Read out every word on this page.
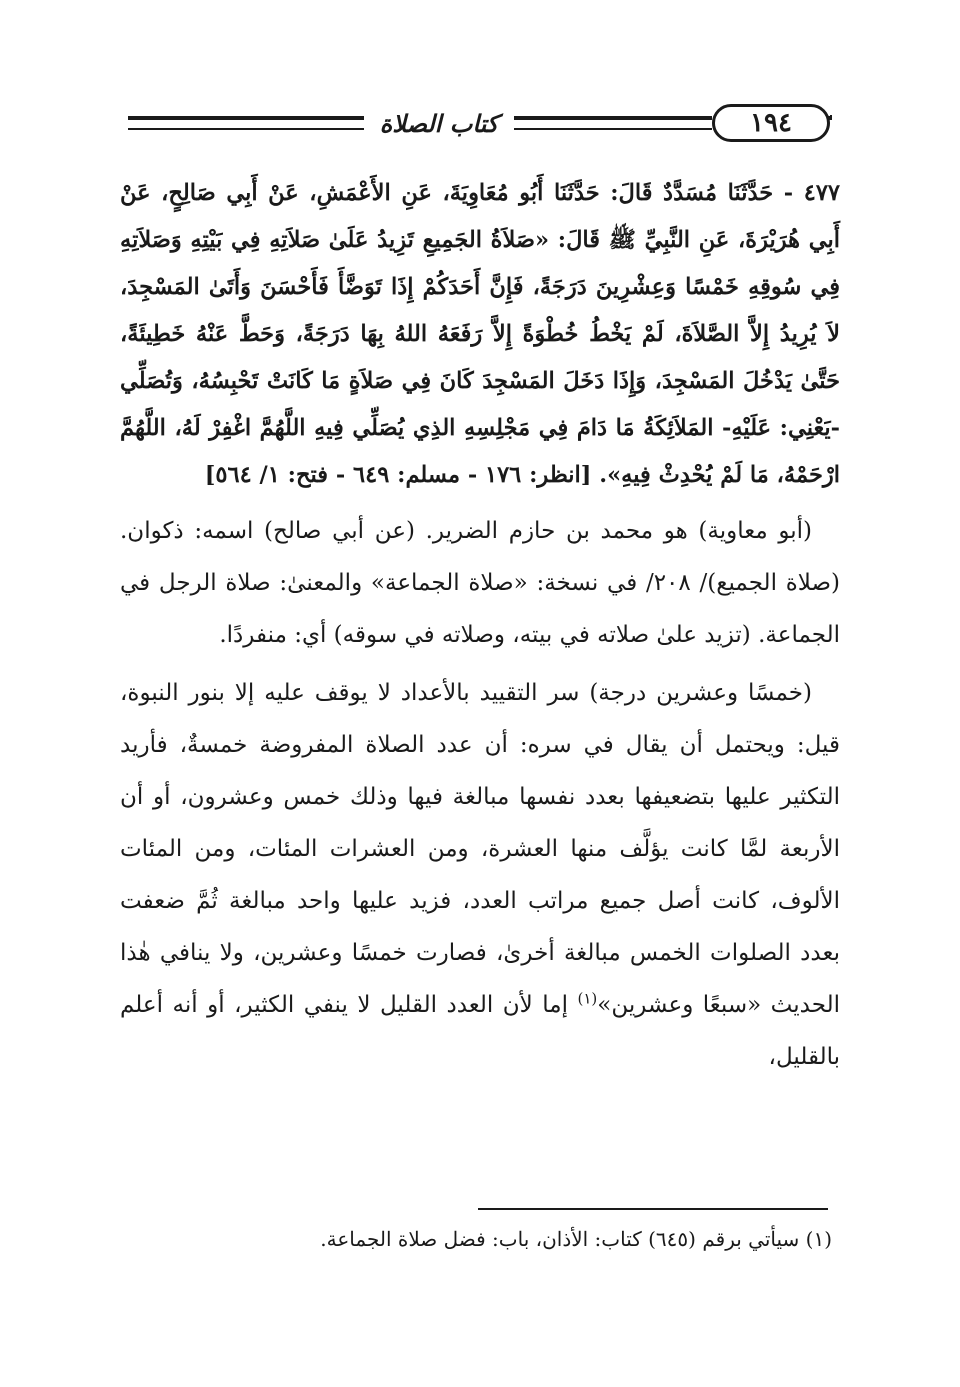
١٩٤
كتاب الصلاة

٤٧٧ - حَدَّثَنَا مُسَدَّدٌ قَالَ: حَدَّثَنَا أَبُو مُعَاوِيَةَ، عَنِ الأَعْمَشِ، عَنْ أَبِي صَالِحٍ، عَنْ أَبِي هُرَيْرَةَ، عَنِ النَّبِيِّ ﷺ قَالَ: «صَلاَةُ الجَمِيعِ تَزِيدُ عَلَىٰ صَلاَتِهِ فِي بَيْتِهِ وَصَلاَتِهِ فِي سُوقِهِ خَمْسًا وَعِشْرِينَ دَرَجَةً، فَإِنَّ أَحَدَكُمْ إِذَا تَوَضَّأَ فَأَحْسَنَ وَأَتَىٰ المَسْجِدَ، لاَ يُرِيدُ إِلاَّ الصَّلاَةَ، لَمْ يَخْطُ خُطْوَةً إِلاَّ رَفَعَهُ اللهُ بِهَا دَرَجَةً، وَحَطَّ عَنْهُ خَطِيئَةً، حَتَّىٰ يَدْخُلَ المَسْجِدَ، وَإِذَا دَخَلَ المَسْجِدَ كَانَ فِي صَلاَةٍ مَا كَانَتْ تَحْبِسُهُ، وَتُصَلِّي -يَعْنِي: عَلَيْهِ- المَلاَئِكَةُ مَا دَامَ فِي مَجْلِسِهِ الذِي يُصَلِّي فِيهِ اللَّهُمَّ اغْفِرْ لَهُ، اللَّهُمَّ ارْحَمْهُ، مَا لَمْ يُحْدِثْ فِيهِ». [انظر: ١٧٦ - مسلم: ٦٤٩ - فتح: ١/ ٥٦٤]

(أبو معاوية) هو محمد بن حازم الضرير. (عن أبي صالح) اسمه: ذكوان. (صلاة الجميع)/ ٢٠٨/ في نسخة: «صلاة الجماعة» والمعنىٰ: صلاة الرجل في الجماعة. (تزيد علىٰ صلاته في بيته، وصلاته في سوقه) أي: منفردًا.

(خمسًا وعشرين درجة) سر التقييد بالأعداد لا يوقف عليه إلا بنور النبوة، قيل: ويحتمل أن يقال في سره: أن عدد الصلاة المفروضة خمسةٌ، فأريد التكثير عليها بتضعيفها بعدد نفسها مبالغة فيها وذلك خمس وعشرون، أو أن الأربعة لمَّا كانت يؤلَّف منها العشرة، ومن العشرات المئات، ومن المئات الألوف، كانت أصل جميع مراتب العدد، فزيد عليها واحد مبالغة ثُمَّ ضعفت بعدد الصلوات الخمس مبالغة أخرىٰ، فصارت خمسًا وعشرين، ولا ينافي هٰذا الحديث «سبعًا وعشرين»$^{(١)}$ إما لأن العدد القليل لا ينفي الكثير، أو أنه أعلم بالقليل،

(١) سيأتي برقم (٦٤٥) كتاب: الأذان، باب: فضل صلاة الجماعة.
